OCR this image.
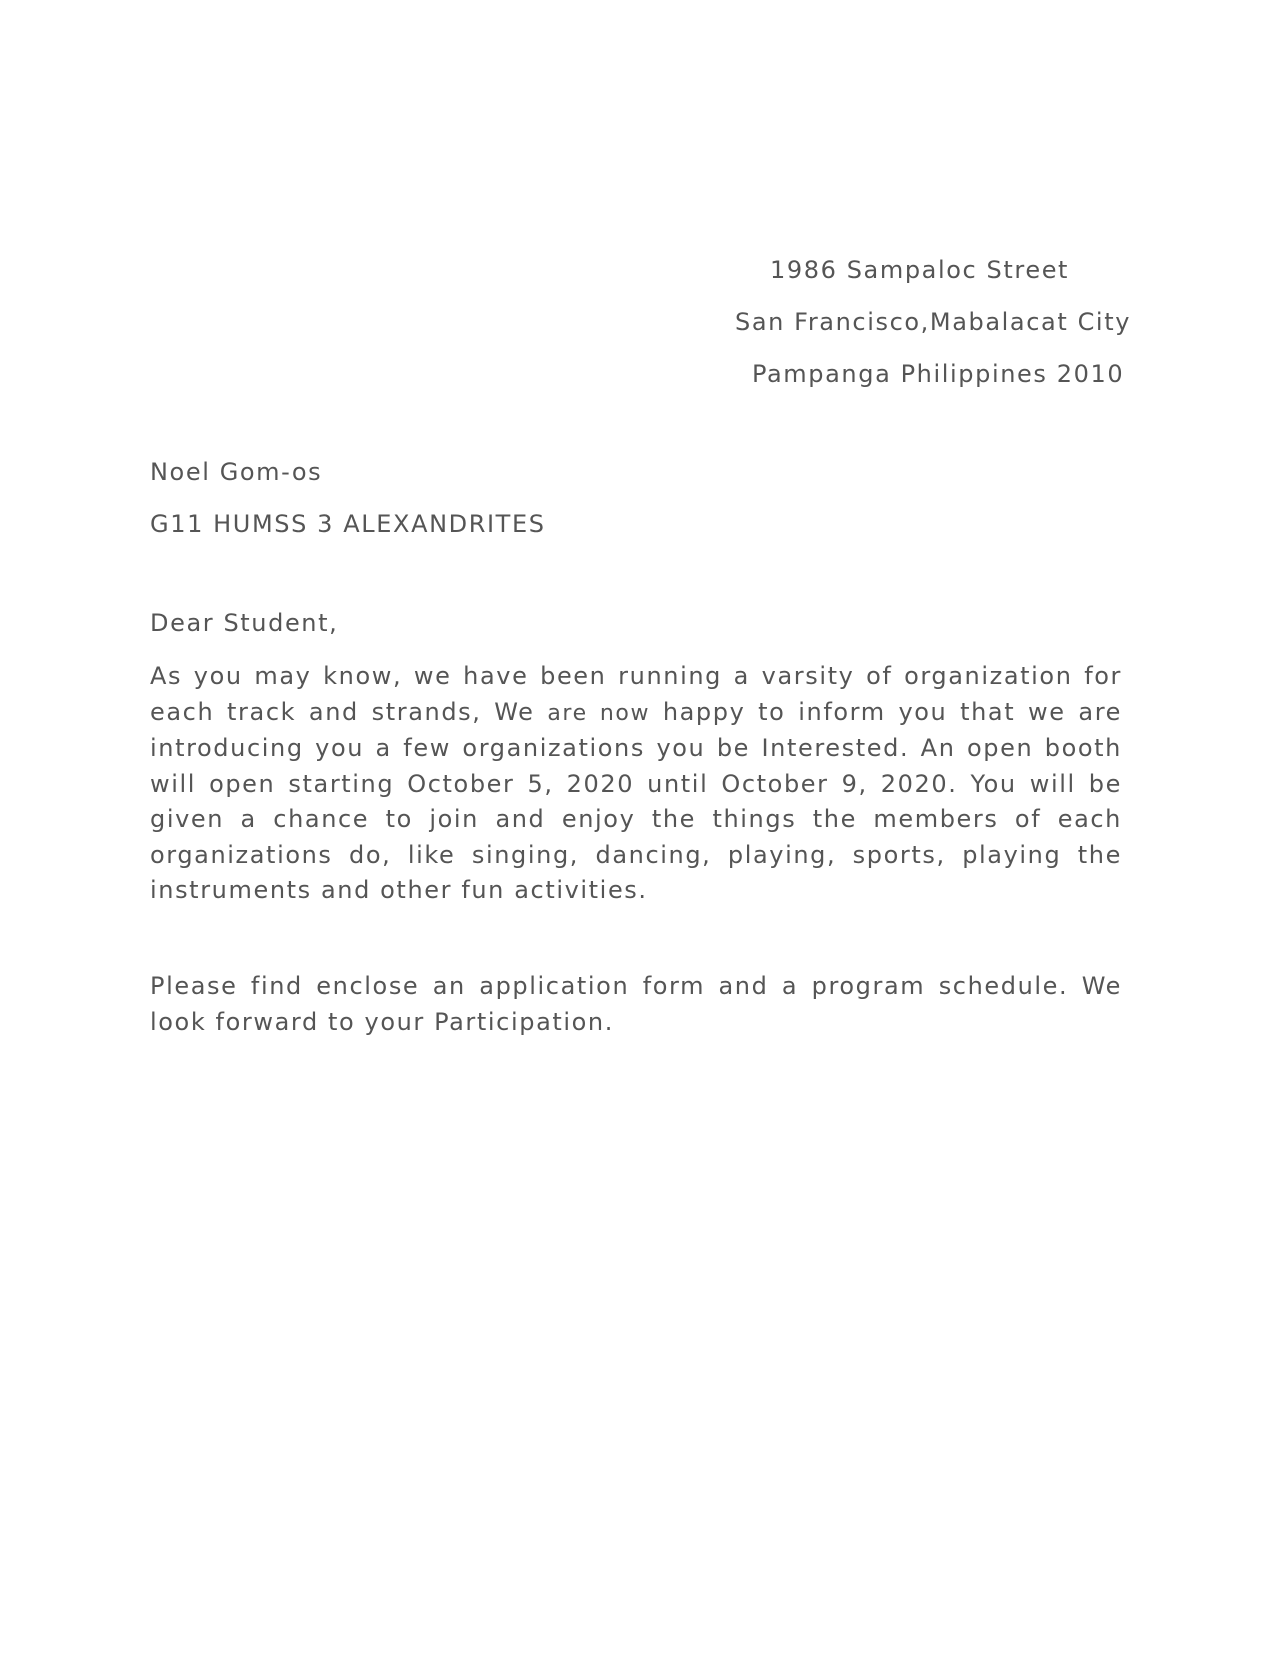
1986 Sampaloc Street
San Francisco,Mabalacat City
Pampanga Philippines 2010
Noel Gom-os
G11 HUMSS 3 ALEXANDRITES
Dear Student,
As you may know, we have been running a varsity of organization for each track and strands, We are now happy to inform you that we are introducing you a few organizations you be Interested. An open booth will open starting October 5, 2020 until October 9, 2020. You will be given a chance to join and enjoy the things the members of each organizations do, like singing, dancing, playing, sports, playing the instruments and other fun activities.
Please find enclose an application form and a program schedule. We look forward to your Participation.
